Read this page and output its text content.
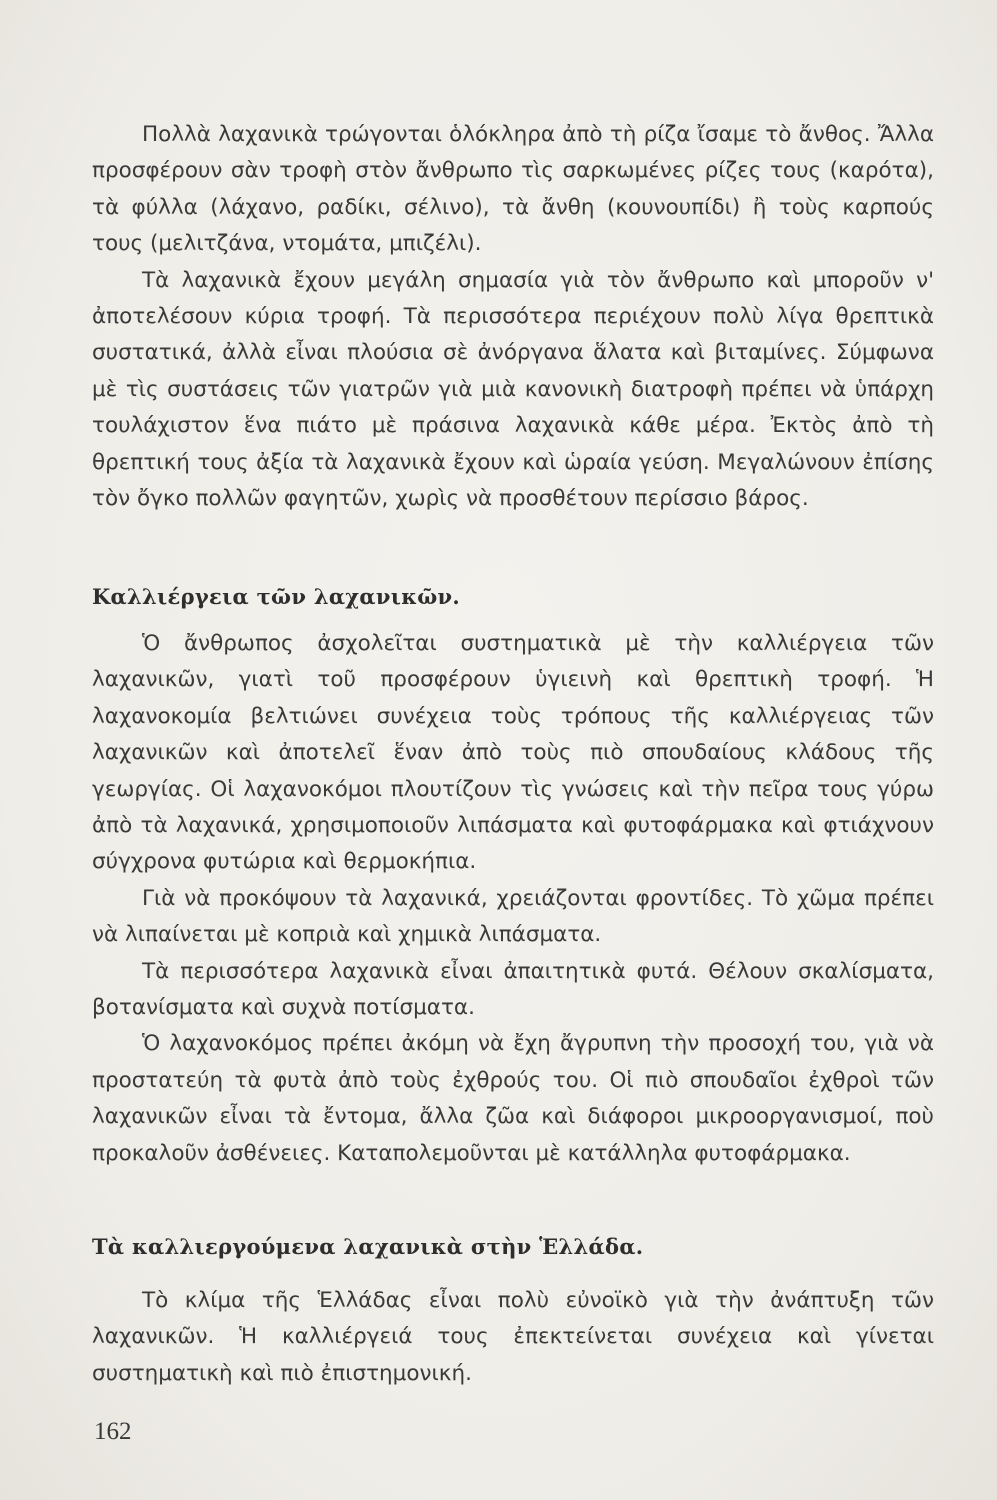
Πολλὰ λαχανικὰ τρώγονται ὁλόκληρα ἀπὸ τὴ ρίζα ἴσαμε τὸ ἄνθος. Ἄλλα προσφέρουν σὰν τροφὴ στὸν ἄνθρωπο τὶς σαρκωμένες ρίζες τους (καρότα), τὰ φύλλα (λάχανο, ραδίκι, σέλινο), τὰ ἄνθη (κουνουπίδι) ἢ τοὺς καρπούς τους (μελιτζάνα, ντομάτα, μπιζέλι).

Τὰ λαχανικὰ ἔχουν μεγάλη σημασία γιὰ τὸν ἄνθρωπο καὶ μποροῦν ν' ἀποτελέσουν κύρια τροφή. Τὰ περισσότερα περιέχουν πολὺ λίγα θρεπτικὰ συστατικά, ἀλλὰ εἶναι πλούσια σὲ ἀνόργανα ἅλατα καὶ βιταμίνες. Σύμφωνα μὲ τὶς συστάσεις τῶν γιατρῶν γιὰ μιὰ κανονικὴ διατροφὴ πρέπει νὰ ὑπάρχη τουλάχιστον ἕνα πιάτο μὲ πράσινα λαχανικὰ κάθε μέρα. Ἐκτὸς ἀπὸ τὴ θρεπτική τους ἀξία τὰ λαχανικὰ ἔχουν καὶ ὡραία γεύση. Μεγαλώνουν ἐπίσης τὸν ὄγκο πολλῶν φαγητῶν, χωρὶς νὰ προσθέτουν περίσσιο βάρος.

Καλλιέργεια τῶν λαχανικῶν.

Ὁ ἄνθρωπος ἀσχολεῖται συστηματικὰ μὲ τὴν καλλιέργεια τῶν λαχανικῶν, γιατὶ τοῦ προσφέρουν ὑγιεινὴ καὶ θρεπτικὴ τροφή. Ἡ λαχανοκομία βελτιώνει συνέχεια τοὺς τρόπους τῆς καλλιέργειας τῶν λαχανικῶν καὶ ἀποτελεῖ ἕναν ἀπὸ τοὺς πιὸ σπουδαίους κλάδους τῆς γεωργίας. Οἱ λαχανοκόμοι πλουτίζουν τὶς γνώσεις καὶ τὴν πεῖρα τους γύρω ἀπὸ τὰ λαχανικά, χρησιμοποιοῦν λιπάσματα καὶ φυτοφάρμακα καὶ φτιάχνουν σύγχρονα φυτώρια καὶ θερμοκήπια.

Γιὰ νὰ προκόψουν τὰ λαχανικά, χρειάζονται φροντίδες. Τὸ χῶμα πρέπει νὰ λιπαίνεται μὲ κοπριὰ καὶ χημικὰ λιπάσματα.

Τὰ περισσότερα λαχανικὰ εἶναι ἀπαιτητικὰ φυτά. Θέλουν σκαλίσματα, βοτανίσματα καὶ συχνὰ ποτίσματα.

Ὁ λαχανοκόμος πρέπει ἀκόμη νὰ ἔχη ἄγρυπνη τὴν προσοχή του, γιὰ νὰ προστατεύη τὰ φυτὰ ἀπὸ τοὺς ἐχθρούς του. Οἱ πιὸ σπουδαῖοι ἐχθροὶ τῶν λαχανικῶν εἶναι τὰ ἔντομα, ἄλλα ζῶα καὶ διάφοροι μικροοργανισμοί, ποὺ προκαλοῦν ἀσθένειες. Καταπολεμοῦνται μὲ κατάλληλα φυτοφάρμακα.

Τὰ καλλιεργούμενα λαχανικὰ στὴν Ἑλλάδα.

Τὸ κλίμα τῆς Ἑλλάδας εἶναι πολὺ εὐνοϊκὸ γιὰ τὴν ἀνάπτυξη τῶν λαχανικῶν. Ἡ καλλιέργειά τους ἐπεκτείνεται συνέχεια καὶ γίνεται συστηματικὴ καὶ πιὸ ἐπιστημονική.

162
